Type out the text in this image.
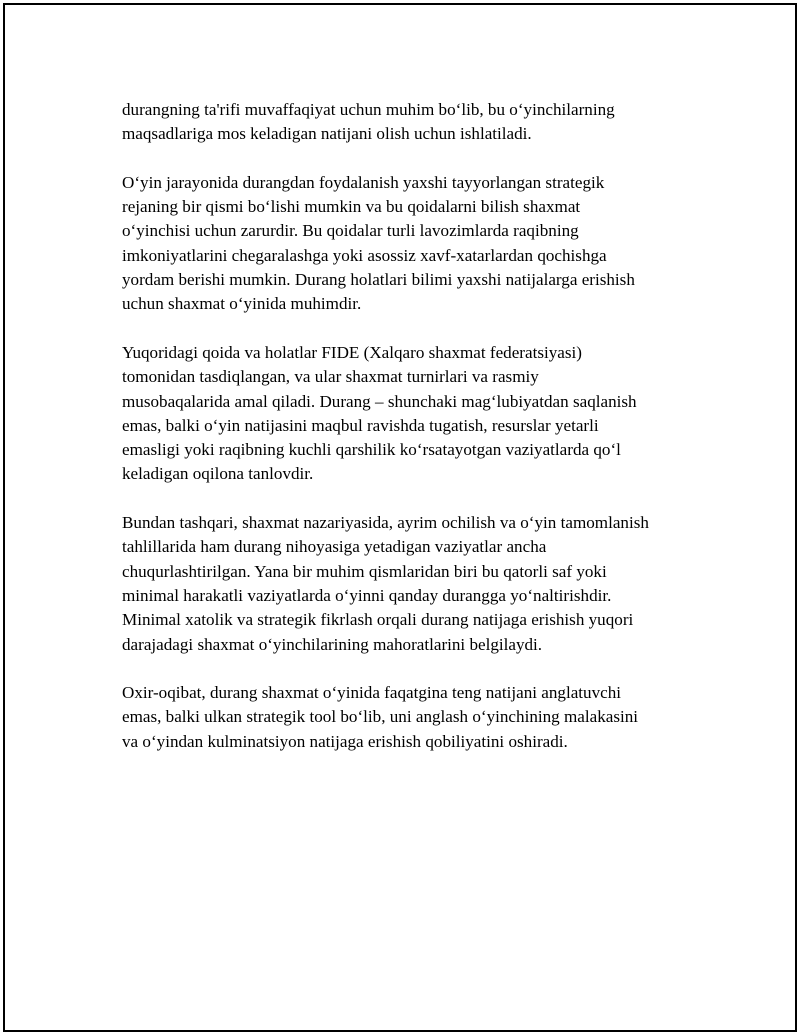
durangning ta'rifi muvaffaqiyat uchun muhim bo‘lib, bu o‘yinchilarning
maqsadlariga mos keladigan natijani olish uchun ishlatiladi.

O‘yin jarayonida durangdan foydalanish yaxshi tayyorlangan strategik
rejaning bir qismi bo‘lishi mumkin va bu qoidalarni bilish shaxmat
o‘yinchisi uchun zarurdir. Bu qoidalar turli lavozimlarda raqibning
imkoniyatlarini chegaralashga yoki asossiz xavf-xatarlardan qochishga
yordam berishi mumkin. Durang holatlari bilimi yaxshi natijalarga erishish
uchun shaxmat o‘yinida muhimdir.

Yuqoridagi qoida va holatlar FIDE (Xalqaro shaxmat federatsiyasi)
tomonidan tasdiqlangan, va ular shaxmat turnirlari va rasmiy
musobaqalarida amal qiladi. Durang – shunchaki mag‘lubiyatdan saqlanish
emas, balki o‘yin natijasini maqbul ravishda tugatish, resurslar yetarli
emasligi yoki raqibning kuchli qarshilik ko‘rsatayotgan vaziyatlarda qo‘l
keladigan oqilona tanlovdir.

Bundan tashqari, shaxmat nazariyasida, ayrim ochilish va o‘yin tamomlanish
tahlillarida ham durang nihoyasiga yetadigan vaziyatlar ancha
chuqurlashtirilgan. Yana bir muhim qismlaridan biri bu qatorli saf yoki
minimal harakatli vaziyatlarda o‘yinni qanday durangga yo‘naltirishdir.
Minimal xatolik va strategik fikrlash orqali durang natijaga erishish yuqori
darajadagi shaxmat o‘yinchilarining mahoratlarini belgilaydi.

Oxir-oqibat, durang shaxmat o‘yinida faqatgina teng natijani anglatuvchi
emas, balki ulkan strategik tool bo‘lib, uni anglash o‘yinchining malakasini
va o‘yindan kulminatsiyon natijaga erishish qobiliyatini oshiradi.
